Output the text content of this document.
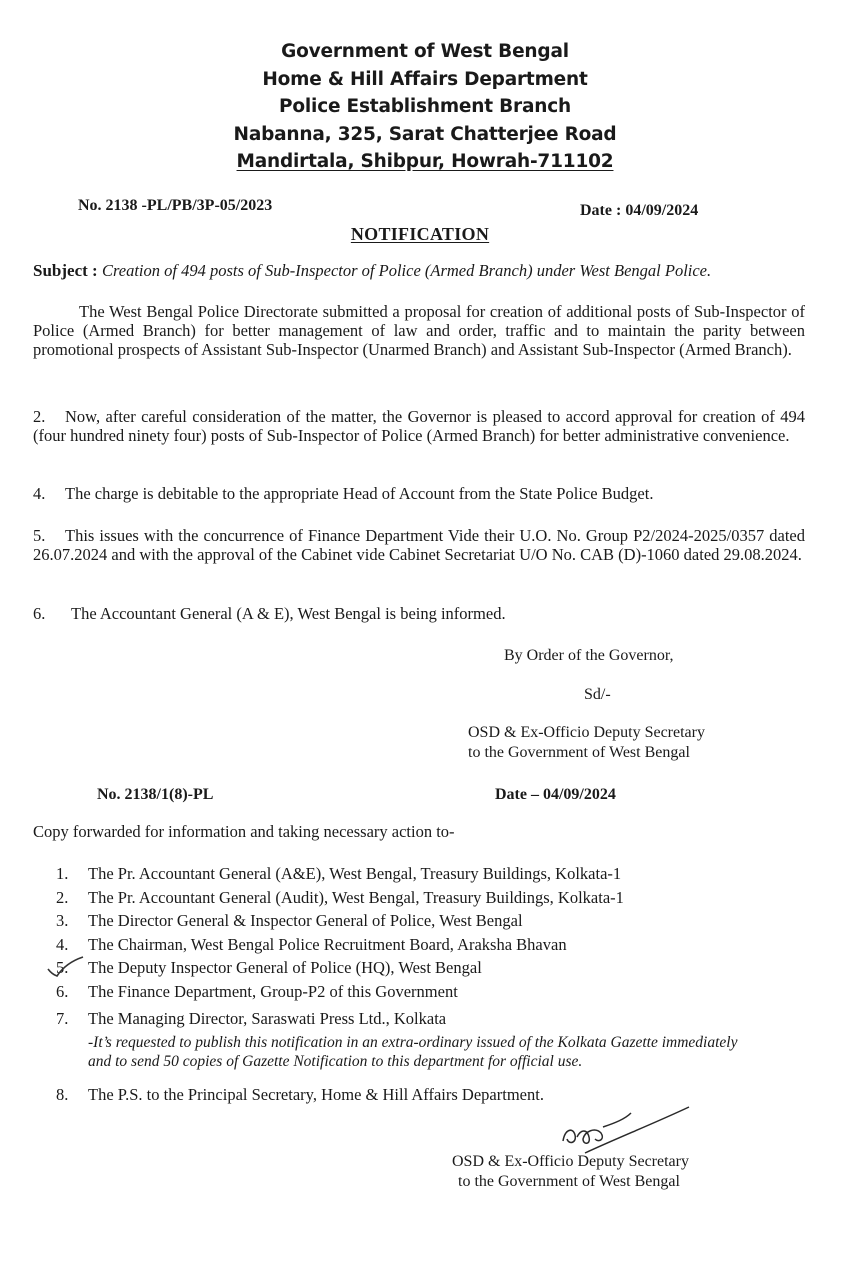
Government of West Bengal
Home & Hill Affairs Department
Police Establishment Branch
Nabanna, 325, Sarat Chatterjee Road
Mandirtala, Shibpur, Howrah-711102
No. 2138 -PL/PB/3P-05/2023	Date : 04/09/2024
NOTIFICATION
Subject : Creation of 494 posts of Sub-Inspector of Police (Armed Branch) under West Bengal Police.
The West Bengal Police Directorate submitted a proposal for creation of additional posts of Sub-Inspector of Police (Armed Branch) for better management of law and order, traffic and to maintain the parity between promotional prospects of Assistant Sub-Inspector (Unarmed Branch) and Assistant Sub-Inspector (Armed Branch).
2. Now, after careful consideration of the matter, the Governor is pleased to accord approval for creation of 494 (four hundred ninety four) posts of Sub-Inspector of Police (Armed Branch) for better administrative convenience.
4. The charge is debitable to the appropriate Head of Account from the State Police Budget.
5. This issues with the concurrence of Finance Department Vide their U.O. No. Group P2/2024-2025/0357 dated 26.07.2024 and with the approval of the Cabinet vide Cabinet Secretariat U/O No. CAB (D)-1060 dated 29.08.2024.
6. The Accountant General (A & E), West Bengal is being informed.
By Order of the Governor,
Sd/-
OSD & Ex-Officio Deputy Secretary
to the Government of West Bengal
No. 2138/1(8)-PL	Date – 04/09/2024
Copy forwarded for information and taking necessary action to-
1. The Pr. Accountant General (A&E), West Bengal, Treasury Buildings, Kolkata-1
2. The Pr. Accountant General (Audit), West Bengal, Treasury Buildings, Kolkata-1
3. The Director General & Inspector General of Police, West Bengal
4. The Chairman, West Bengal Police Recruitment Board, Araksha Bhavan
5. The Deputy Inspector General of Police (HQ), West Bengal
6. The Finance Department, Group-P2 of this Government
7. The Managing Director, Saraswati Press Ltd., Kolkata
-It’s requested to publish this notification in an extra-ordinary issued of the Kolkata Gazette immediately and to send 50 copies of Gazette Notification to this department for official use.
8. The P.S. to the Principal Secretary, Home & Hill Affairs Department.
OSD & Ex-Officio Deputy Secretary
to the Government of West Bengal
